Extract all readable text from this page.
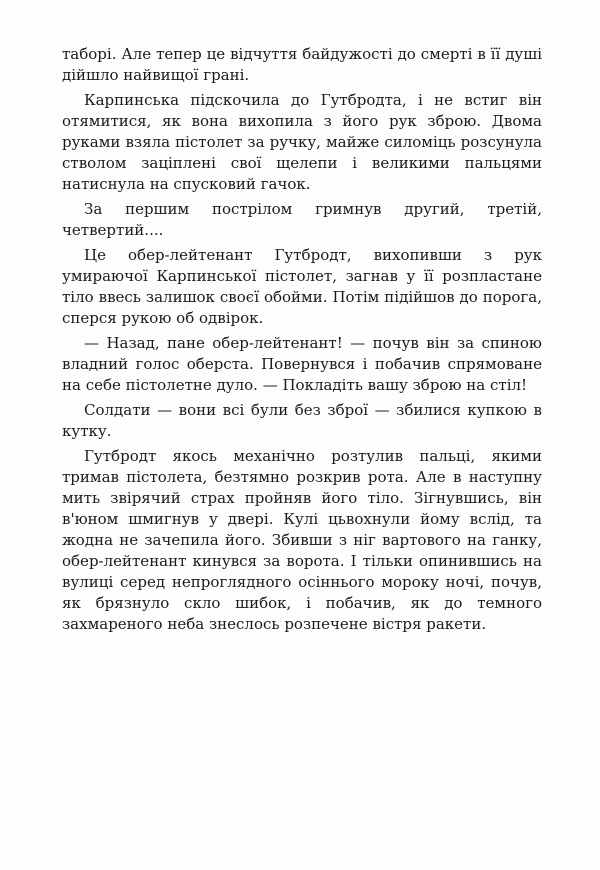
таборі. Але тепер це відчуття байдужості до смерті в її душі дійшло найвищої грані.

Карпинська підскочила до Гутбродта, і не встиг він отямитися, як вона вихопила з його рук зброю. Двома руками взяла пістолет за ручку, майже силоміць розсунула стволом заціплені свої щелепи і великими пальцями натиснула на спусковий гачок.

За першим пострілом гримнув другий, третій, четвертий....

Це обер-лейтенант Гутбродт, вихопивши з рук умираючої Карпинської пістолет, загнав у її розпластане тіло ввесь залишок своєї обойми. Потім підійшов до порога, сперся рукою об одвірок.

— Назад, пане обер-лейтенант! — почув він за спиною владний голос оберста. Повернувся і побачив спрямоване на себе пістолетне дуло. — Покладіть вашу зброю на стіл!

Солдати — вони всі були без зброї — збилися купкою в кутку.

Гутбродт якось механічно розтулив пальці, якими тримав пістолета, безтямно розкрив рота. Але в наступну мить звірячий страх пройняв його тіло. Зігнувшись, він в'юном шмигнув у двері. Кулі цьвохнули йому вслід, та жодна не зачепила його. Збивши з ніг вартового на ганку, обер-лейтенант кинувся за ворота. І тільки опинившись на вулиці серед непроглядного осіннього мороку ночі, почув, як брязнуло скло шибок, і побачив, як до темного захмареного неба знеслось розпечене вістря ракети.
